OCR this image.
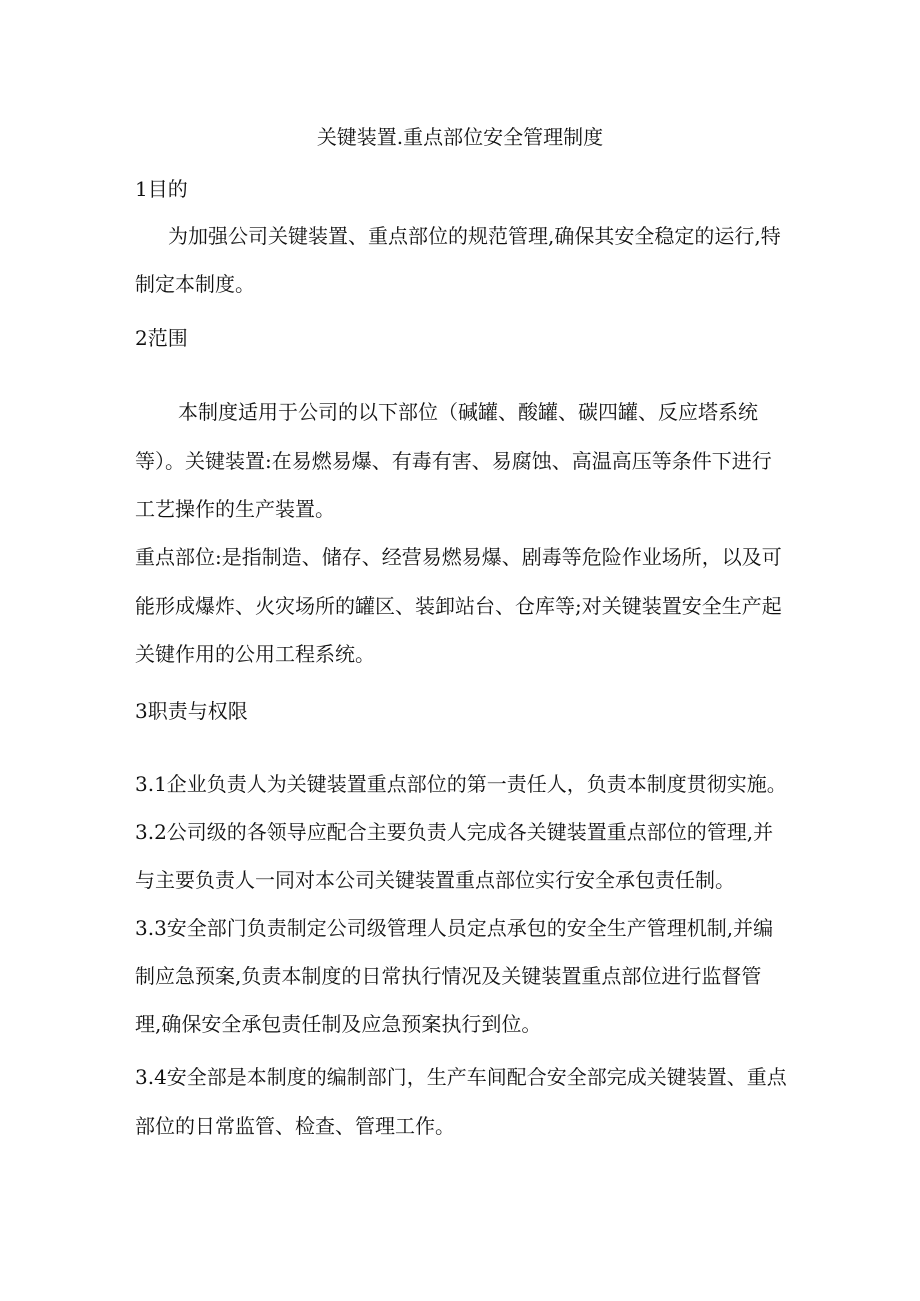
关键装置.重点部位安全管理制度

1目的

为加强公司关键装置、重点部位的规范管理,确保其安全稳定的运行,特

制定本制度。

2范围

本制度适用于公司的以下部位（碱罐、酸罐、碳四罐、反应塔系统

等）。关键装置:在易燃易爆、有毒有害、易腐蚀、高温高压等条件下进行

工艺操作的生产装置。

重点部位:是指制造、储存、经营易燃易爆、剧毒等危险作业场所，以及可

能形成爆炸、火灾场所的罐区、装卸站台、仓库等;对关键装置安全生产起

关键作用的公用工程系统。

3职责与权限

3.1企业负责人为关键装置重点部位的第一责任人，负责本制度贯彻实施。

3.2公司级的各领导应配合主要负责人完成各关键装置重点部位的管理,并

与主要负责人一同对本公司关键装置重点部位实行安全承包责任制。

3.3安全部门负责制定公司级管理人员定点承包的安全生产管理机制,并编

制应急预案,负责本制度的日常执行情况及关键装置重点部位进行监督管

理,确保安全承包责任制及应急预案执行到位。

3.4安全部是本制度的编制部门，生产车间配合安全部完成关键装置、重点

部位的日常监管、检查、管理工作。
